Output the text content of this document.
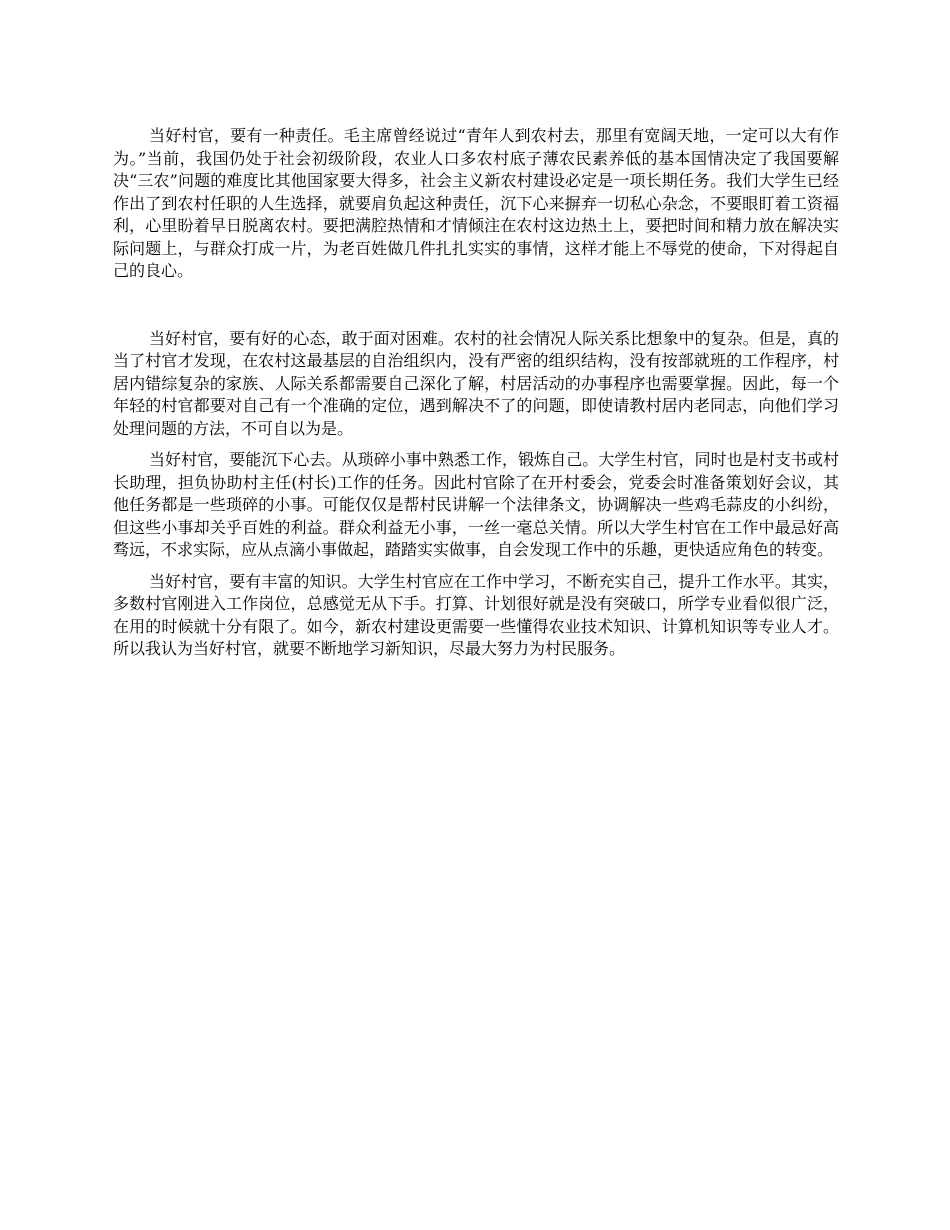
当好村官，要有一种责任。毛主席曾经说过“青年人到农村去，那里有宽阔天地，一定可以大有作为。”当前，我国仍处于社会初级阶段，农业人口多农村底子薄农民素养低的基本国情决定了我国要解决“三农”问题的难度比其他国家要大得多，社会主义新农村建设必定是一项长期任务。我们大学生已经作出了到农村任职的人生选择，就要肩负起这种责任，沉下心来摒弃一切私心杂念，不要眼盯着工资福利，心里盼着早日脱离农村。要把满腔热情和才情倾注在农村这边热土上，要把时间和精力放在解决实际问题上，与群众打成一片，为老百姓做几件扎扎实实的事情，这样才能上不辱党的使命，下对得起自己的良心。

当好村官，要有好的心态，敢于面对困难。农村的社会情况人际关系比想象中的复杂。但是，真的当了村官才发现，在农村这最基层的自治组织内，没有严密的组织结构，没有按部就班的工作程序，村居内错综复杂的家族、人际关系都需要自己深化了解，村居活动的办事程序也需要掌握。因此，每一个年轻的村官都要对自己有一个准确的定位，遇到解决不了的问题，即使请教村居内老同志，向他们学习处理问题的方法，不可自以为是。

当好村官，要能沉下心去。从琐碎小事中熟悉工作，锻炼自己。大学生村官，同时也是村支书或村长助理，担负协助村主任(村长)工作的任务。因此村官除了在开村委会，党委会时准备策划好会议，其他任务都是一些琐碎的小事。可能仅仅是帮村民讲解一个法律条文，协调解决一些鸡毛蒜皮的小纠纷，但这些小事却关乎百姓的利益。群众利益无小事，一丝一毫总关情。所以大学生村官在工作中最忌好高骛远，不求实际，应从点滴小事做起，踏踏实实做事，自会发现工作中的乐趣，更快适应角色的转变。

当好村官，要有丰富的知识。大学生村官应在工作中学习，不断充实自己，提升工作水平。其实，多数村官刚进入工作岗位，总感觉无从下手。打算、计划很好就是没有突破口，所学专业看似很广泛，在用的时候就十分有限了。如今，新农村建设更需要一些懂得农业技术知识、计算机知识等专业人才。所以我认为当好村官，就要不断地学习新知识，尽最大努力为村民服务。
